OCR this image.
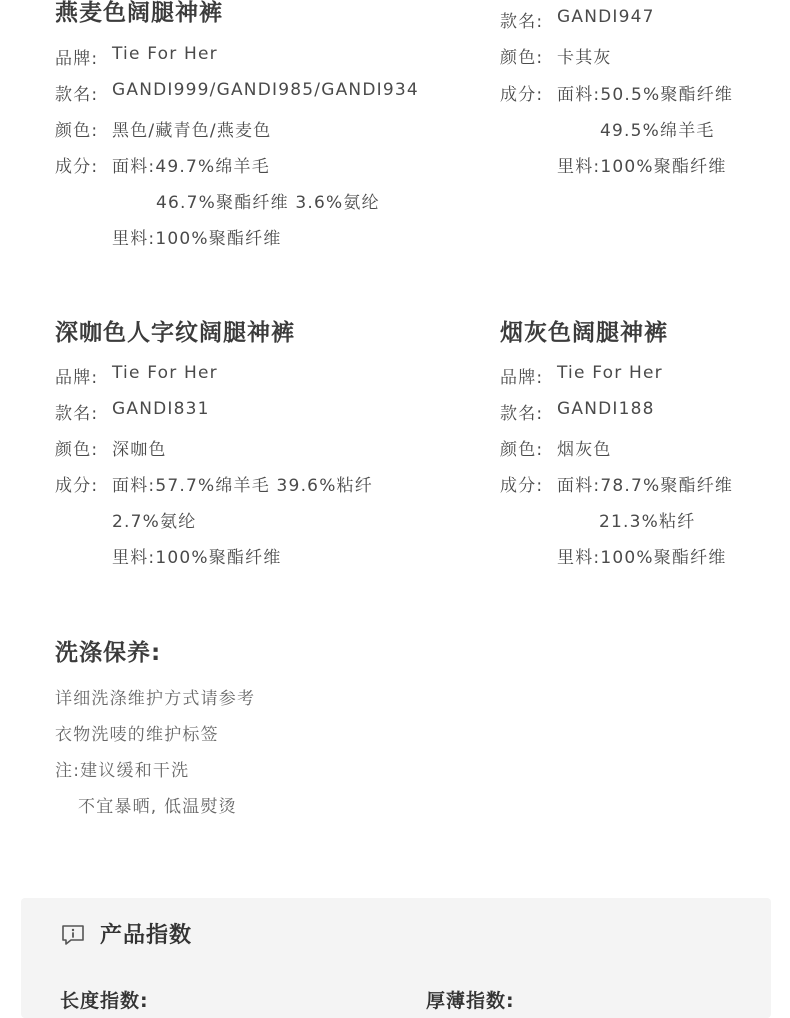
燕麦色阔腿神裤
品牌: Tie For Her
款名: GANDI999/GANDI985/GANDI934
颜色: 黑色/藏青色/燕麦色
成分: 面料:49.7%绵羊毛
46.7%聚酯纤维 3.6%氨纶
里料:100%聚酯纤维
款名: GANDI947
颜色: 卡其灰
成分: 面料:50.5%聚酯纤维
49.5%绵羊毛
里料:100%聚酯纤维
深咖色人字纹阔腿神裤
品牌: Tie For Her
款名: GANDI831
颜色: 深咖色
成分: 面料:57.7%绵羊毛 39.6%粘纤
2.7%氨纶
里料:100%聚酯纤维
烟灰色阔腿神裤
品牌: Tie For Her
款名: GANDI188
颜色: 烟灰色
成分: 面料:78.7%聚酯纤维
21.3%粘纤
里料:100%聚酯纤维
洗涤保养:
详细洗涤维护方式请参考
衣物洗唛的维护标签
注:建议缓和干洗
不宜暴晒, 低温熨烫
产品指数
长度指数:	厚薄指数:
